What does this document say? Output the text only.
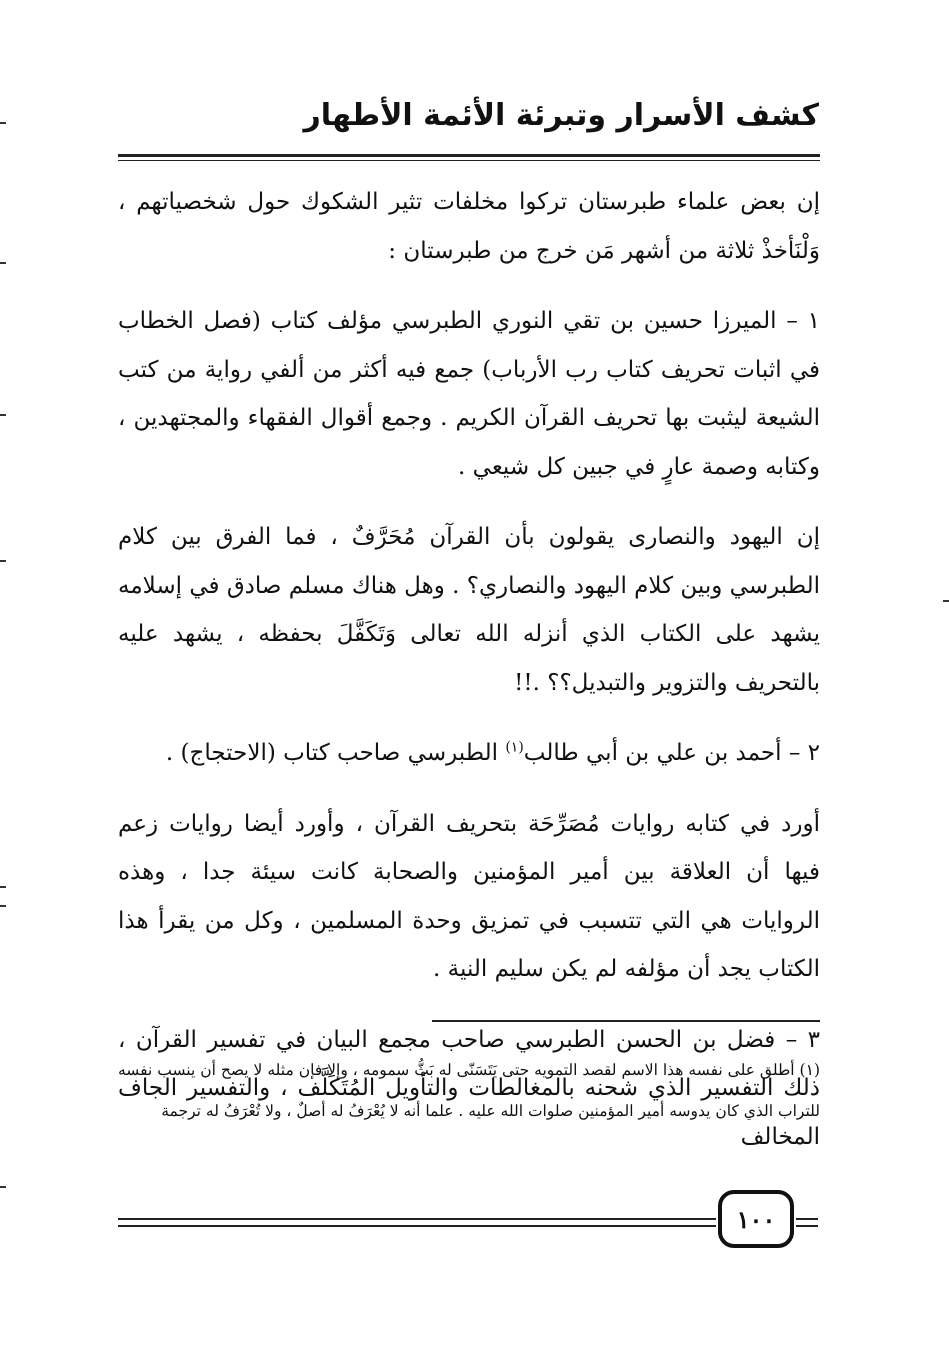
كشف الأسرار وتبرئة الأئمة الأطهار

إن بعض علماء طبرستان تركوا مخلفات تثير الشكوك حول شخصياتهم ، وَلْنَأخذْ ثلاثة من أشهر مَن خرج من طبرستان :

١ – الميرزا حسين بن تقي النوري الطبرسي مؤلف كتاب (فصل الخطاب في اثبات تحريف كتاب رب الأرباب) جمع فيه أكثر من ألفي رواية من كتب الشيعة ليثبت بها تحريف القرآن الكريم . وجمع أقوال الفقهاء والمجتهدين ، وكتابه وصمة عارٍ في جبين كل شيعي .

إن اليهود والنصارى يقولون بأن القرآن مُحَرَّفٌ ، فما الفرق بين كلام الطبرسي وبين كلام اليهود والنصاري؟ . وهل هناك مسلم صادق في إسلامه يشهد على الكتاب الذي أنزله الله تعالى وَتَكَفَّلَ بحفظه ، يشهد عليه بالتحريف والتزوير والتبديل؟؟ .!!

٢ – أحمد بن علي بن أبي طالب$^{(١)}$ الطبرسي صاحب كتاب (الاحتجاج) .

أورد في كتابه روايات مُصَرِّحَة بتحريف القرآن ، وأورد أيضا روايات زعم فيها أن العلاقة بين أمير المؤمنين والصحابة كانت سيئة جدا ، وهذه الروايات هي التي تتسبب في تمزيق وحدة المسلمين ، وكل من يقرأ هذا الكتاب يجد أن مؤلفه لم يكن سليم النية .

٣ – فضل بن الحسن الطبرسي صاحب مجمع البيان في تفسير القرآن ، ذلك التفسير الذي شحنه بالمغالطات والتأويل المُتَكَلَّف ، والتفسير الجاف المخالف

(١) أطلق على نفسه هذا الاسم لقصد التمويه حتى يَتَسَنّى له بَثُّ سمومه ، وإلا فإن مثله لا يصح أن ينسب نفسه للتراب الذي كان يدوسه أمير المؤمنين صلوات الله عليه . علما أنه لا يُعْرَفُ له أصلٌ ، ولا تُعْرَفُ له ترجمة
١٠٠
